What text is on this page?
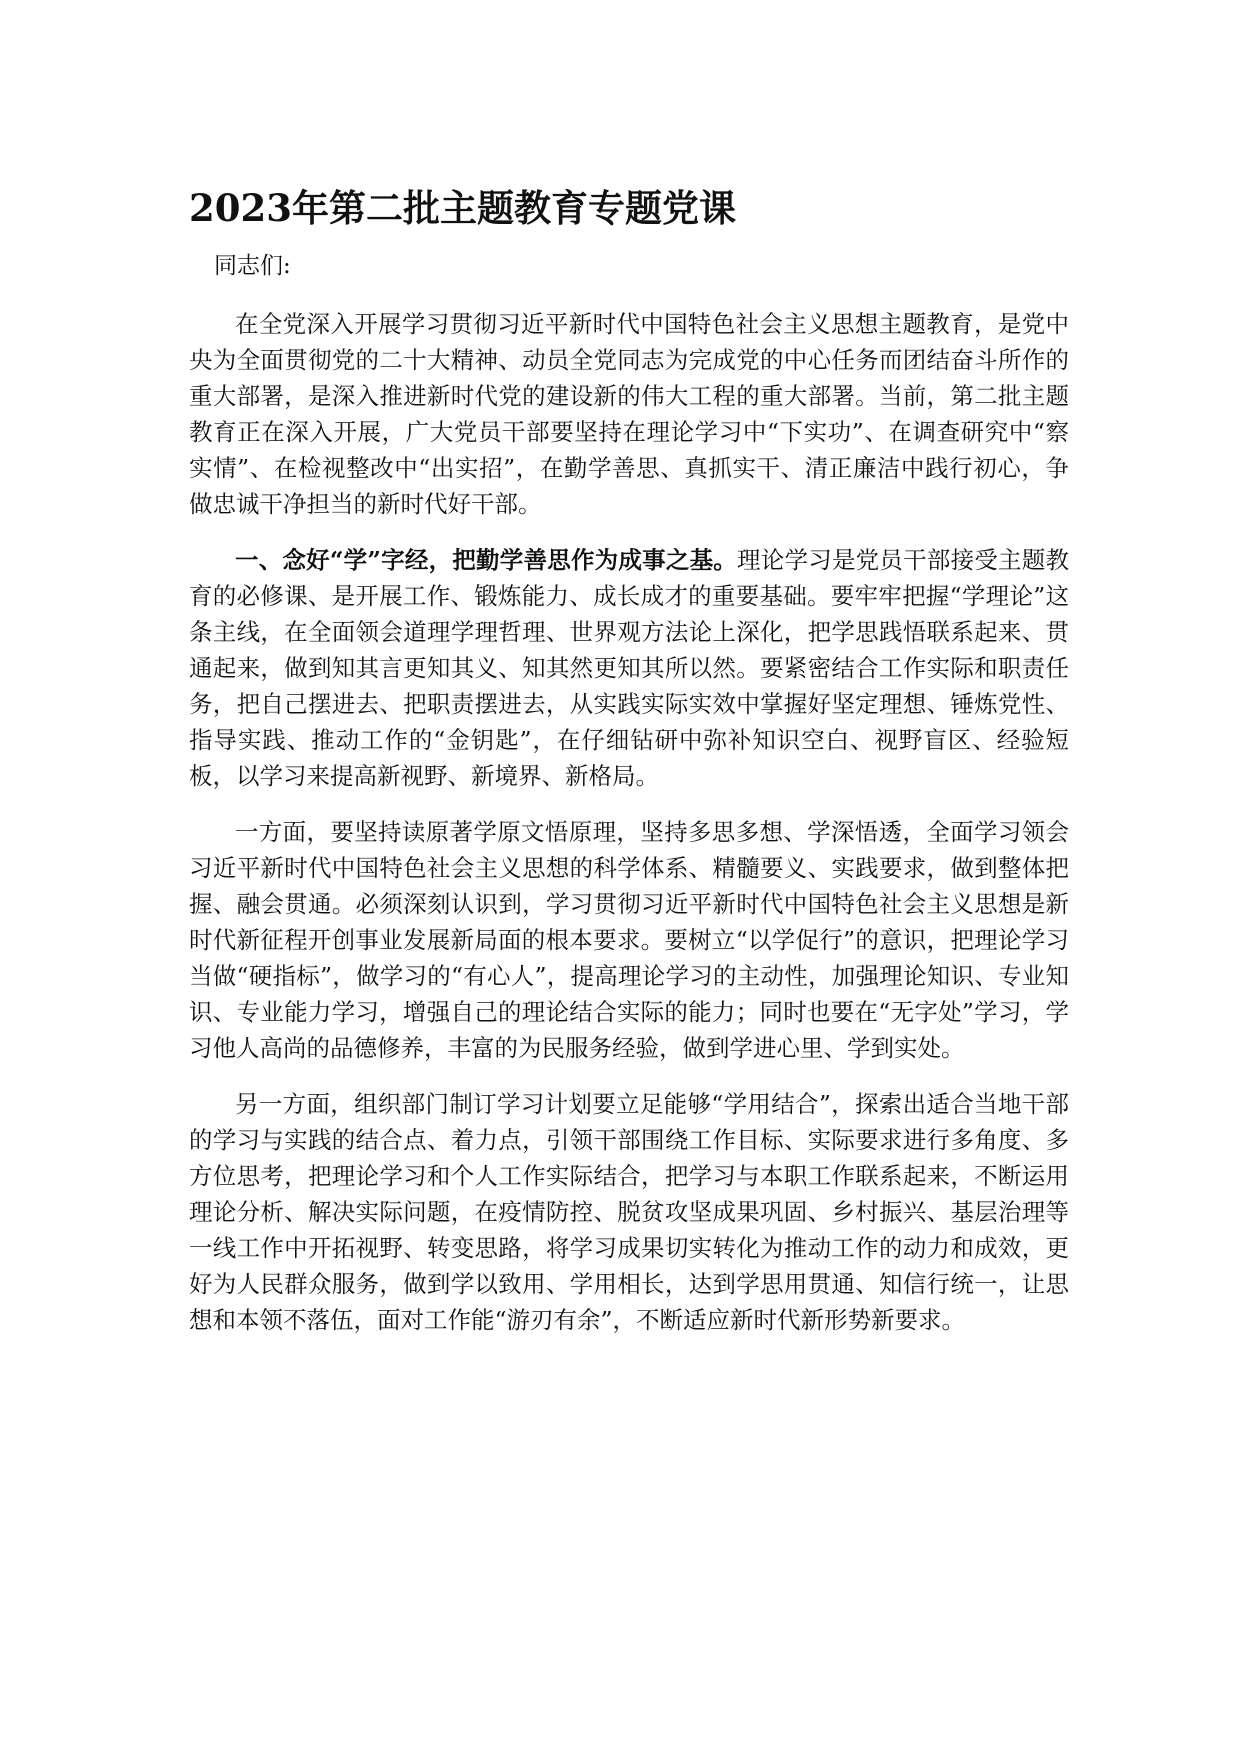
2023年第二批主题教育专题党课

同志们:

在全党深入开展学习贯彻习近平新时代中国特色社会主义思想主题教育，是党中央为全面贯彻党的二十大精神、动员全党同志为完成党的中心任务而团结奋斗所作的重大部署，是深入推进新时代党的建设新的伟大工程的重大部署。当前，第二批主题教育正在深入开展，广大党员干部要坚持在理论学习中“下实功”、在调查研究中“察实情”、在检视整改中“出实招”，在勤学善思、真抓实干、清正廉洁中践行初心，争做忠诚干净担当的新时代好干部。

一、念好“学”字经，把勤学善思作为成事之基。理论学习是党员干部接受主题教育的必修课、是开展工作、锻炼能力、成长成才的重要基础。要牢牢把握“学理论”这条主线，在全面领会道理学理哲理、世界观方法论上深化，把学思践悟联系起来、贯通起来，做到知其言更知其义、知其然更知其所以然。要紧密结合工作实际和职责任务，把自己摆进去、把职责摆进去，从实践实际实效中掌握好坚定理想、锤炼党性、指导实践、推动工作的“金钥匙”，在仔细钻研中弥补知识空白、视野盲区、经验短板，以学习来提高新视野、新境界、新格局。

一方面，要坚持读原著学原文悟原理，坚持多思多想、学深悟透，全面学习领会习近平新时代中国特色社会主义思想的科学体系、精髓要义、实践要求，做到整体把握、融会贯通。必须深刻认识到，学习贯彻习近平新时代中国特色社会主义思想是新时代新征程开创事业发展新局面的根本要求。要树立“以学促行”的意识，把理论学习当做“硬指标”，做学习的“有心人”，提高理论学习的主动性，加强理论知识、专业知识、专业能力学习，增强自己的理论结合实际的能力；同时也要在“无字处”学习，学习他人高尚的品德修养，丰富的为民服务经验，做到学进心里、学到实处。

另一方面，组织部门制订学习计划要立足能够“学用结合”，探索出适合当地干部的学习与实践的结合点、着力点，引领干部围绕工作目标、实际要求进行多角度、多方位思考，把理论学习和个人工作实际结合，把学习与本职工作联系起来，不断运用理论分析、解决实际问题，在疫情防控、脱贫攻坚成果巩固、乡村振兴、基层治理等一线工作中开拓视野、转变思路，将学习成果切实转化为推动工作的动力和成效，更好为人民群众服务，做到学以致用、学用相长，达到学思用贯通、知信行统一，让思想和本领不落伍，面对工作能“游刃有余”，不断适应新时代新形势新要求。
